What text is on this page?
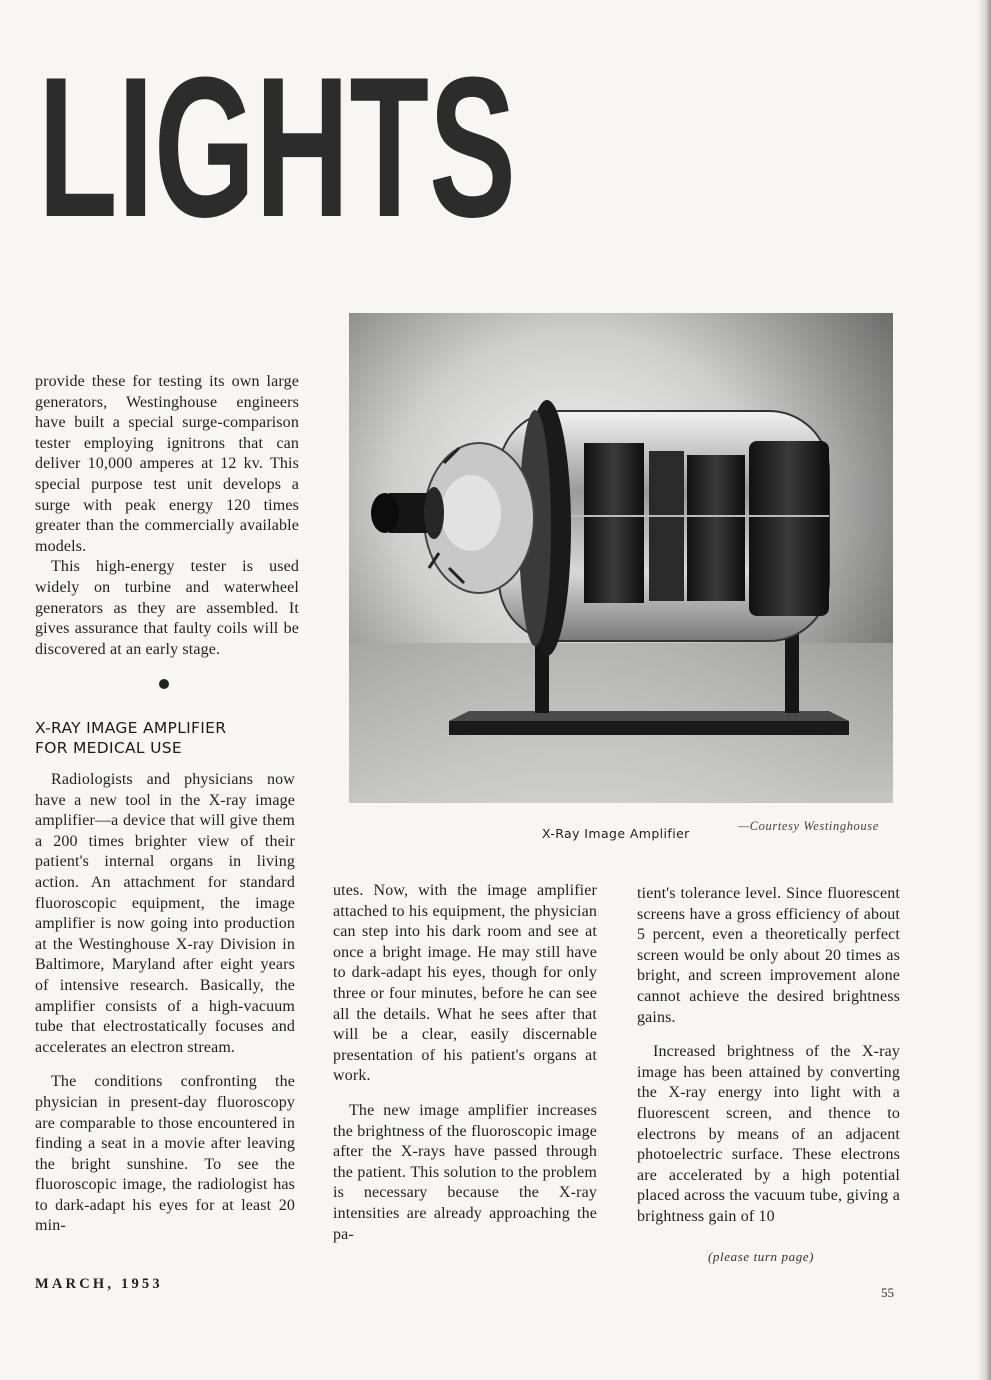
LIGHTS

provide these for testing its own large generators, Westinghouse engineers have built a special surge-comparison tester employing ignitrons that can deliver 10,000 amperes at 12 kv. This special purpose test unit develops a surge with peak energy 120 times greater than the commercially available models.

This high-energy tester is used widely on turbine and waterwheel generators as they are assembled. It gives assurance that faulty coils will be discovered at an early stage.

X-RAY IMAGE AMPLIFIER
FOR MEDICAL USE

Radiologists and physicians now have a new tool in the X-ray image amplifier—a device that will give them a 200 times brighter view of their patient's internal organs in living action. An attachment for standard fluoroscopic equipment, the image amplifier is now going into production at the Westinghouse X-ray Division in Baltimore, Maryland after eight years of intensive research. Basically, the amplifier consists of a high-vacuum tube that electrostatically focuses and accelerates an electron stream.

The conditions confronting the physician in present-day fluoroscopy are comparable to those encountered in finding a seat in a movie after leaving the bright sunshine. To see the fluoroscopic image, the radiologist has to dark-adapt his eyes for at least 20 min-

X-Ray Image Amplifier	—Courtesy Westinghouse

utes. Now, with the image amplifier attached to his equipment, the physician can step into his dark room and see at once a bright image. He may still have to dark-adapt his eyes, though for only three or four minutes, before he can see all the details. What he sees after that will be a clear, easily discernable presentation of his patient's organs at work.

The new image amplifier increases the brightness of the fluoroscopic image after the X-rays have passed through the patient. This solution to the problem is necessary because the X-ray intensities are already approaching the pa-

tient's tolerance level. Since fluorescent screens have a gross efficiency of about 5 percent, even a theoretically perfect screen would be only about 20 times as bright, and screen improvement alone cannot achieve the desired brightness gains.

Increased brightness of the X-ray image has been attained by converting the X-ray energy into light with a fluorescent screen, and thence to electrons by means of an adjacent photoelectric surface. These electrons are accelerated by a high potential placed across the vacuum tube, giving a brightness gain of 10

(please turn page)
MARCH, 1953
55
